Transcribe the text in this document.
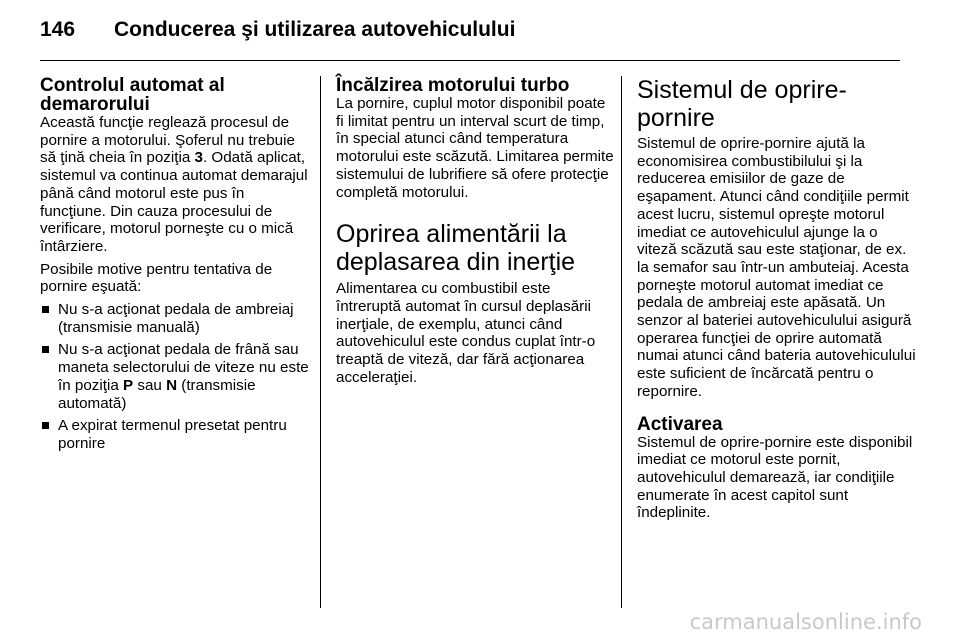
146	Conducerea şi utilizarea autovehiculului
Controlul automat al demarorului

Această funcţie reglează procesul de pornire a motorului. Şoferul nu trebuie să ţină cheia în poziţia 3. Odată aplicat, sistemul va continua automat demarajul până când motorul este pus în funcţiune. Din cauza procesului de verificare, motorul porneşte cu o mică întârziere.

Posibile motive pentru tentativa de pornire eşuată:

Nu s-a acţionat pedala de ambreiaj (transmisie manuală)
Nu s-a acţionat pedala de frână sau maneta selectorului de viteze nu este în poziţia P sau N (transmisie automată)
A expirat termenul presetat pentru pornire
Încălzirea motorului turbo

La pornire, cuplul motor disponibil poate fi limitat pentru un interval scurt de timp, în special atunci când temperatura motorului este scăzută. Limitarea permite sistemului de lubrifiere să ofere protecţie completă motorului.

Oprirea alimentării la deplasarea din inerţie

Alimentarea cu combustibil este întreruptă automat în cursul deplasării inerţiale, de exemplu, atunci când autovehiculul este condus cuplat într-o treaptă de viteză, dar fără acţionarea acceleraţiei.

Sistemul de oprire-pornire

Sistemul de oprire-pornire ajută la economisirea combustibilului şi la reducerea emisiilor de gaze de eşapament. Atunci când condiţiile permit acest lucru, sistemul opreşte motorul imediat ce autovehiculul ajunge la o viteză scăzută sau este staţionar, de ex. la semafor sau într-un ambuteiaj. Acesta porneşte motorul automat imediat ce pedala de ambreiaj este apăsată. Un senzor al bateriei autovehiculului asigură operarea funcţiei de oprire automată numai atunci când bateria autovehiculului este suficient de încărcată pentru o repornire.

Activarea

Sistemul de oprire-pornire este disponibil imediat ce motorul este pornit, autovehiculul demarează, iar condiţiile enumerate în acest capitol sunt îndeplinite.

carmanualsonline.info
